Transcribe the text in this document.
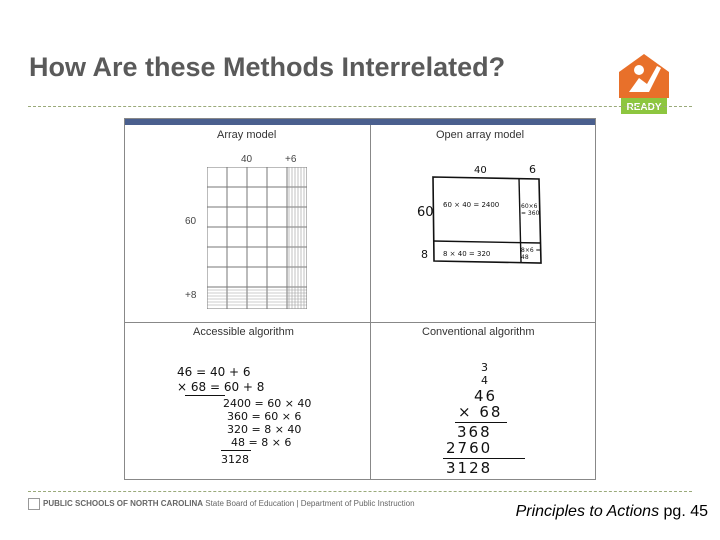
How Are these Methods Interrelated?
READY
Array model
40	+6
60
+8
Open array model
40	6
60
8
60 × 40 = 2400	60×6 = 360
8 × 40 = 320	8×6 = 48
Accessible algorithm
46 = 40 + 6
× 68 = 60 + 8
2400 = 60 × 40
360 = 60 × 6
320 = 8 × 40
48 = 8 × 6
3128
Conventional algorithm
3
4
46
× 68
368
2760
3128
PUBLIC SCHOOLS OF NORTH CAROLINA State Board of Education | Department of Public Instruction	Principles to Actions pg. 45
